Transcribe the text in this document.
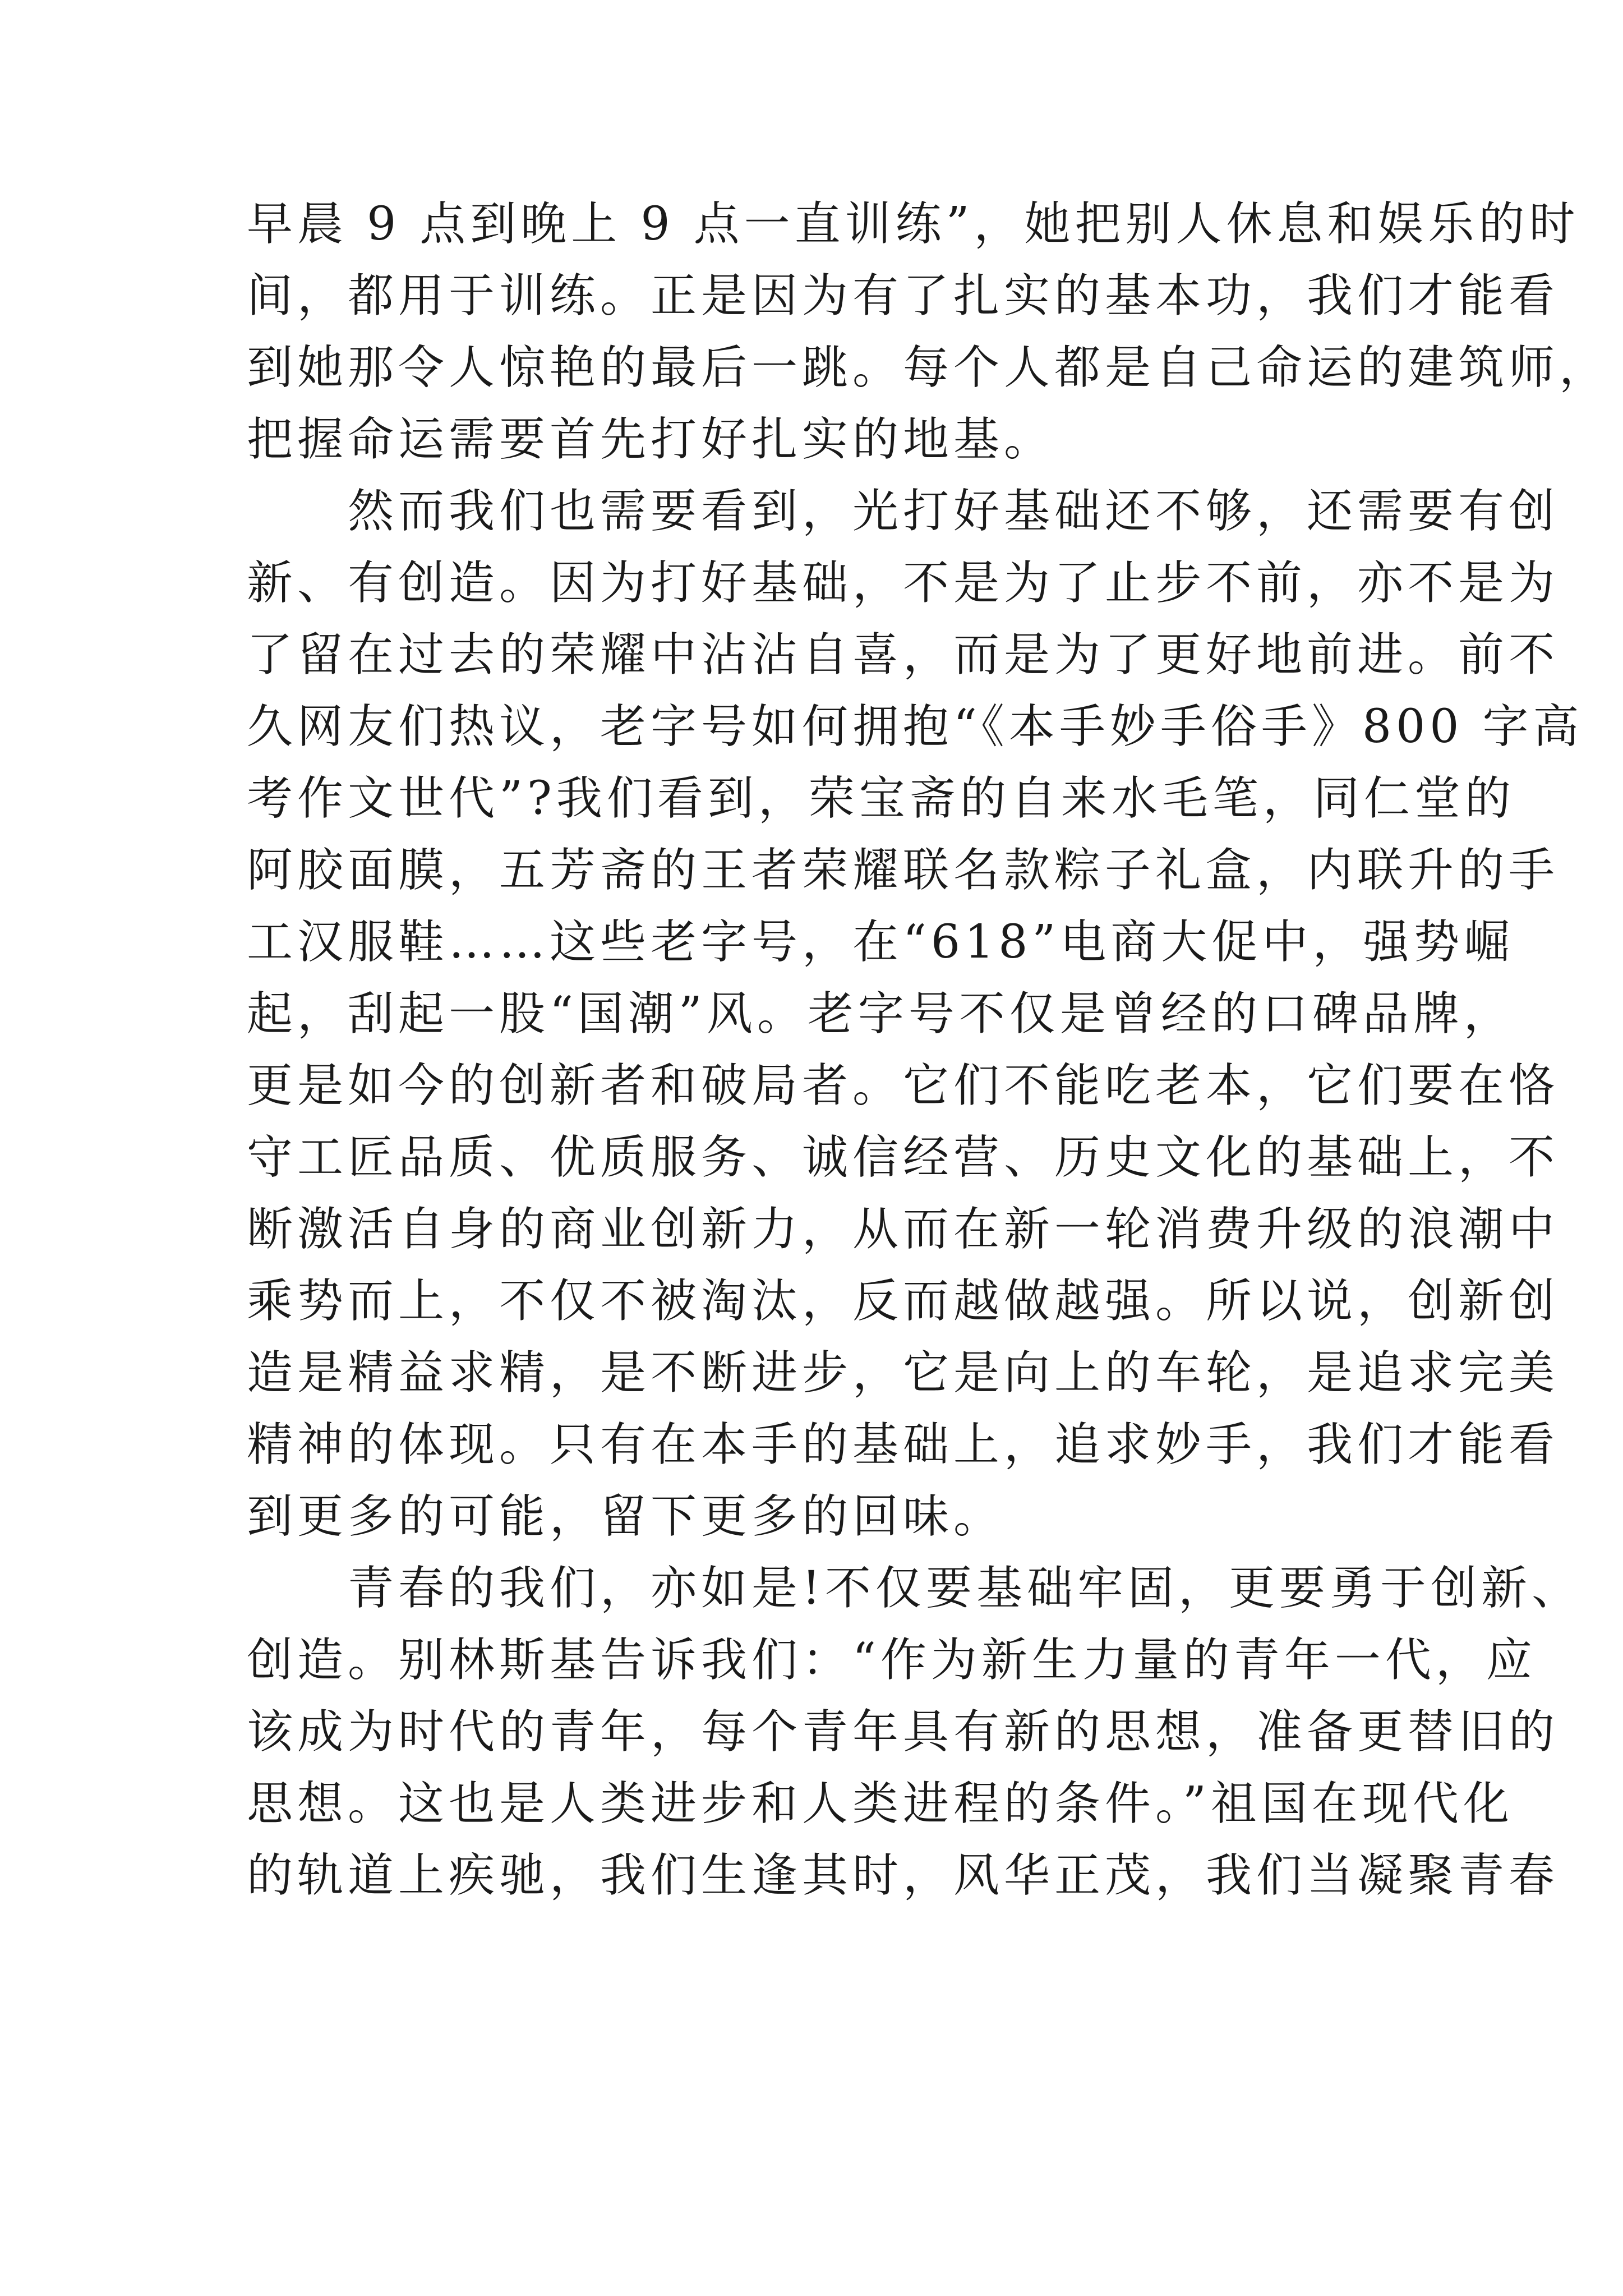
早晨 9 点到晚上 9 点一直训练”，她把别人休息和娱乐的时
间，都用于训练。正是因为有了扎实的基本功，我们才能看
到她那令人惊艳的最后一跳。每个人都是自己命运的建筑师，
把握命运需要首先打好扎实的地基。
然而我们也需要看到，光打好基础还不够，还需要有创
新、有创造。因为打好基础，不是为了止步不前，亦不是为
了留在过去的荣耀中沾沾自喜，而是为了更好地前进。前不
久网友们热议，老字号如何拥抱“《本手妙手俗手》800 字高
考作文世代”?我们看到，荣宝斋的自来水毛笔，同仁堂的
阿胶面膜，五芳斋的王者荣耀联名款粽子礼盒，内联升的手
工汉服鞋……这些老字号，在“618”电商大促中，强势崛
起，刮起一股“国潮”风。老字号不仅是曾经的口碑品牌，
更是如今的创新者和破局者。它们不能吃老本，它们要在恪
守工匠品质、优质服务、诚信经营、历史文化的基础上，不
断激活自身的商业创新力，从而在新一轮消费升级的浪潮中
乘势而上，不仅不被淘汰，反而越做越强。所以说，创新创
造是精益求精，是不断进步，它是向上的车轮，是追求完美
精神的体现。只有在本手的基础上，追求妙手，我们才能看
到更多的可能，留下更多的回味。
青春的我们，亦如是!不仅要基础牢固，更要勇于创新、
创造。别林斯基告诉我们：“作为新生力量的青年一代，应
该成为时代的青年，每个青年具有新的思想，准备更替旧的
思想。这也是人类进步和人类进程的条件。”祖国在现代化
的轨道上疾驰，我们生逢其时，风华正茂，我们当凝聚青春
